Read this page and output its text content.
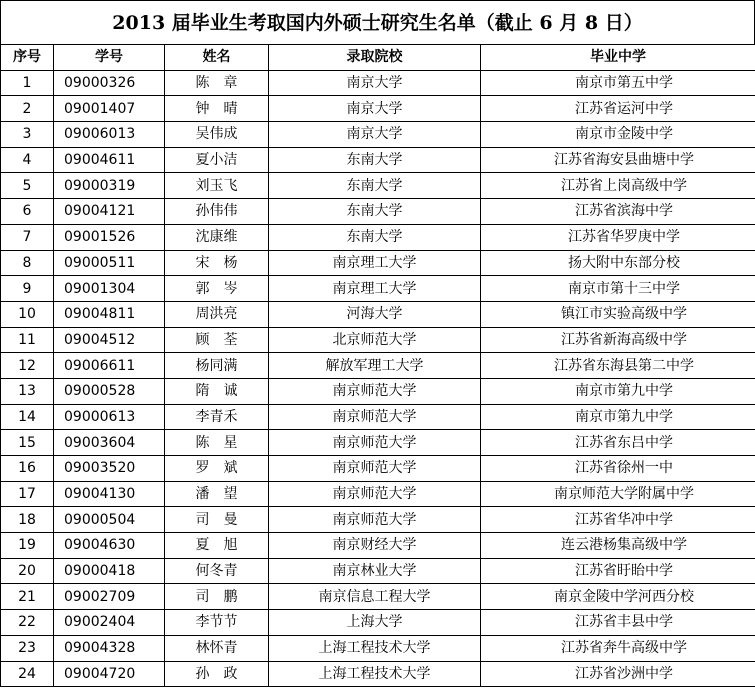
2013 届毕业生考取国内外硕士研究生名单（截止 6 月 8 日）
序号	学号	姓名	录取院校	毕业中学
1	09000326	陈　章	南京大学	南京市第五中学
2	09001407	钟　晴	南京大学	江苏省运河中学
3	09006013	吴伟成	南京大学	南京市金陵中学
4	09004611	夏小洁	东南大学	江苏省海安县曲塘中学
5	09000319	刘玉飞	东南大学	江苏省上岗高级中学
6	09004121	孙伟伟	东南大学	江苏省滨海中学
7	09001526	沈康维	东南大学	江苏省华罗庚中学
8	09000511	宋　杨	南京理工大学	扬大附中东部分校
9	09001304	郭　岑	南京理工大学	南京市第十三中学
10	09004811	周洪亮	河海大学	镇江市实验高级中学
11	09004512	顾　荃	北京师范大学	江苏省新海高级中学
12	09006611	杨同满	解放军理工大学	江苏省东海县第二中学
13	09000528	隋　诚	南京师范大学	南京市第九中学
14	09000613	李青禾	南京师范大学	南京市第九中学
15	09003604	陈　星	南京师范大学	江苏省东吕中学
16	09003520	罗　斌	南京师范大学	江苏省徐州一中
17	09004130	潘　望	南京师范大学	南京师范大学附属中学
18	09000504	司　曼	南京师范大学	江苏省华冲中学
19	09004630	夏　旭	南京财经大学	连云港杨集高级中学
20	09000418	何冬青	南京林业大学	江苏省盱眙中学
21	09002709	司　鹏	南京信息工程大学	南京金陵中学河西分校
22	09002404	李节节	上海大学	江苏省丰县中学
23	09004328	林怀青	上海工程技术大学	江苏省奔牛高级中学
24	09004720	孙　政	上海工程技术大学	江苏省沙洲中学
